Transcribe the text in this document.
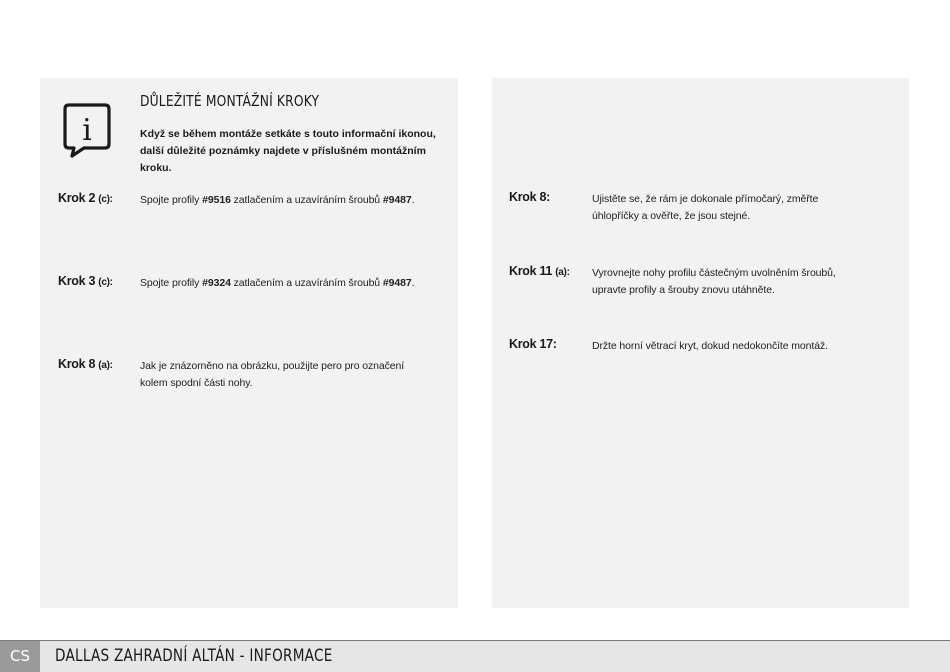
i
DŮLEŽITÉ MONTÁŽNÍ KROKY
Když se během montáže setkáte s touto informační ikonou, další důležité poznámky najdete v příslušném montážním kroku.
Krok 2 (c):	Spojte profily #9516 zatlačením a uzavíráním šroubů #9487.
Krok 3 (c):	Spojte profily #9324 zatlačením a uzavíráním šroubů #9487.
Krok 8 (a):	Jak je znázorněno na obrázku, použijte pero pro označení
kolem spodní části nohy.
Krok 8:	Ujistěte se, že rám je dokonale přímočarý, změřte
úhlopříčky a ověřte, že jsou stejné.
Krok 11 (a): Vyrovnejte nohy profilu částečným uvolněním šroubů,
upravte profily a šrouby znovu utáhněte.
Krok 17:	Držte horní větrací kryt, dokud nedokončíte montáž.
CS	DALLAS ZAHRADNÍ ALTÁN - INFORMACE
